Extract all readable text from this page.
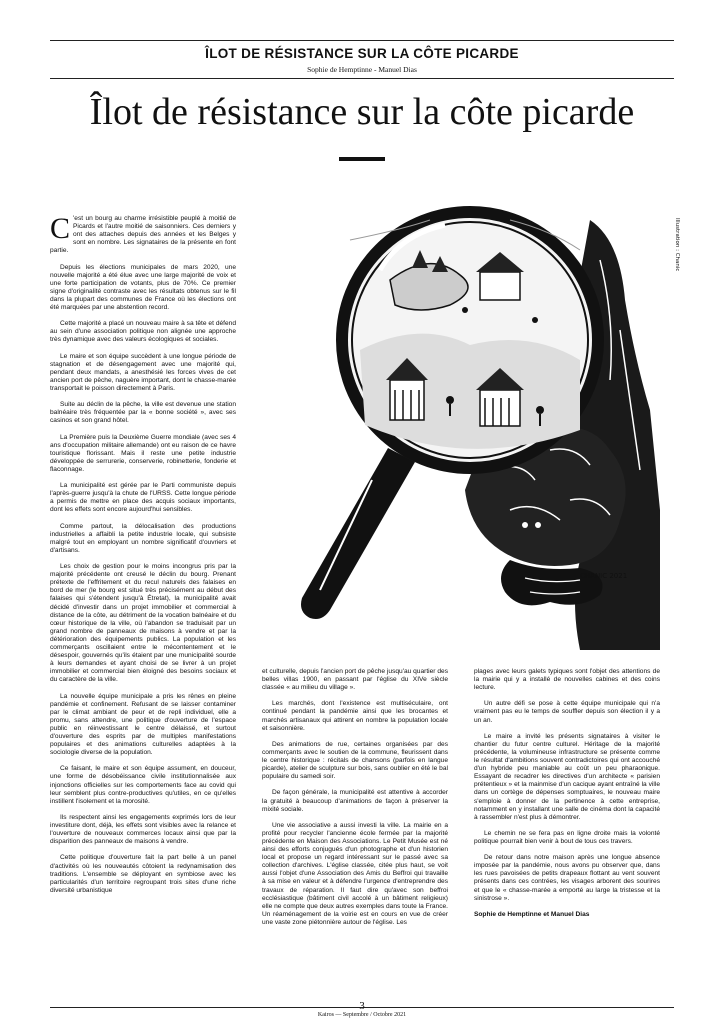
ÎLOT DE RÉSISTANCE SUR LA CÔTE PICARDE
Sophie de Hemptinne - Manuel Dias
Îlot de résistance sur la côte picarde
Illustration : Chanic
CHANIC 2021

C 'est un bourg au charme irrésistible peuplé à moitié de Picards et l'autre moitié de saisonniers. Ces derniers y ont des attaches depuis des années et les Belges y sont en nombre. Les signataires de la présente en font partie.

Depuis les élections municipales de mars 2020, une nouvelle majorité a été élue avec une large majorité de voix et une forte participation de votants, plus de 70%. Ce premier signe d'originalité contraste avec les résultats obtenus sur le fil dans la plupart des communes de France où les élections ont été marquées par une abstention record.

Cette majorité a placé un nouveau maire à sa tête et défend au sein d'une association politique non alignée une approche très dynamique avec des valeurs écologiques et sociales.

Le maire et son équipe succèdent à une longue période de stagnation et de désengagement avec une majorité qui, pendant deux mandats, a anesthésié les forces vives de cet ancien port de pêche, naguère important, dont le chasse-marée transportait le poisson directement à Paris.

Suite au déclin de la pêche, la ville est devenue une station balnéaire très fréquentée par la « bonne société », avec ses casinos et son grand hôtel.

La Première puis la Deuxième Guerre mondiale (avec ses 4 ans d'occupation militaire allemande) ont eu raison de ce havre touristique florissant. Mais il reste une petite industrie développée de serrurerie, conserverie, robinetterie, fonderie et flaconnage.

La municipalité est gérée par le Parti communiste depuis l'après-guerre jusqu'à la chute de l'URSS. Cette longue période a permis de mettre en place des acquis sociaux importants, dont les effets sont encore aujourd'hui sensibles.

Comme partout, la délocalisation des productions industrielles a affaibli la petite industrie locale, qui subsiste malgré tout en employant un nombre significatif d'ouvriers et d'artisans.

Les choix de gestion pour le moins incongrus pris par la majorité précédente ont creusé le déclin du bourg. Prenant prétexte de l'effritement et du recul naturels des falaises en bord de mer (le bourg est situé très précisément au début des falaises qui s'étendent jusqu'à Étretat), la municipalité avait décidé d'investir dans un projet immobilier et commercial à distance de la côte, au détriment de la vocation balnéaire et du cœur historique de la ville, où l'abandon se traduisait par un grand nombre de panneaux de maisons à vendre et par la détérioration des équipements publics. La population et les commerçants oscillaient entre le mécontentement et le désespoir, gouvernés qu'ils étaient par une municipalité sourde à leurs demandes et ayant choisi de se livrer à un projet immobilier et commercial bien éloigné des besoins sociaux et du caractère de la ville.

La nouvelle équipe municipale a pris les rênes en pleine pandémie et confinement. Refusant de se laisser contaminer par le climat ambiant de peur et de repli individuel, elle a promu, sans attendre, une politique d'ouverture de l'espace public en réinvestissant le centre délaissé, et surtout d'ouverture des esprits par de multiples manifestations populaires et des animations culturelles adaptées à la sociologie diverse de la population.

Ce faisant, le maire et son équipe assument, en douceur, une forme de désobéissance civile institutionnalisée aux injonctions officielles sur les comportements face au covid qui leur semblent plus contre-productives qu'utiles, en ce qu'elles instillent l'isolement et la morosité.

Ils respectent ainsi les engagements exprimés lors de leur investiture dont, déjà, les effets sont visibles avec la relance et l'ouverture de nouveaux commerces locaux ainsi que par la disparition des panneaux de maisons à vendre.

Cette politique d'ouverture fait la part belle à un panel d'activités où les nouveautés côtoient la redynamisation des traditions. L'ensemble se déployant en symbiose avec les particularités d'un territoire regroupant trois sites d'une riche diversité urbanistique

et culturelle, depuis l'ancien port de pêche jusqu'au quartier des belles villas 1900, en passant par l'église du XIVe siècle classée « au milieu du village ».

Les marchés, dont l'existence est multiséculaire, ont continué pendant la pandémie ainsi que les brocantes et marchés artisanaux qui attirent en nombre la population locale et saisonnière.

Des animations de rue, certaines organisées par des commerçants avec le soutien de la commune, fleurissent dans le centre historique : récitals de chansons (parfois en langue picarde), atelier de sculpture sur bois, sans oublier en été le bal populaire du samedi soir.

De façon générale, la municipalité est attentive à accorder la gratuité à beaucoup d'animations de façon à préserver la mixité sociale.

Une vie associative a aussi investi la ville. La mairie en a profité pour recycler l'ancienne école fermée par la majorité précédente en Maison des Associations. Le Petit Musée est né ainsi des efforts conjugués d'un photographe et d'un historien local et propose un regard intéressant sur le passé avec sa collection d'archives. L'église classée, citée plus haut, se voit aussi l'objet d'une Association des Amis du Beffroi qui travaille à sa mise en valeur et à défendre l'urgence d'entreprendre des travaux de réparation. Il faut dire qu'avec son beffroi ecclésiastique (bâtiment civil accolé à un bâtiment religieux) elle ne compte que deux autres exemples dans toute la France. Un réaménagement de la voirie est en cours en vue de créer une vaste zone piétonnière autour de l'église. Les

plages avec leurs galets typiques sont l'objet des attentions de la mairie qui y a installé de nouvelles cabines et des coins lecture.

Un autre défi se pose à cette équipe municipale qui n'a vraiment pas eu le temps de souffler depuis son élection il y a un an.

Le maire a invité les présents signataires à visiter le chantier du futur centre culturel. Héritage de la majorité précédente, la volumineuse infrastructure se présente comme le résultat d'ambitions souvent contradictoires qui ont accouché d'un hybride peu maniable au coût un peu pharaonique. Essayant de recadrer les directives d'un architecte « parisien prétentieux » et la mainmise d'un cacique ayant entraîné la ville dans un cortège de dépenses somptuaires, le nouveau maire s'emploie à donner de la pertinence à cette entreprise, notamment en y installant une salle de cinéma dont la capacité à rassembler n'est plus à démontrer.

Le chemin ne se fera pas en ligne droite mais la volonté politique pourrait bien venir à bout de tous ces travers.

De retour dans notre maison après une longue absence imposée par la pandémie, nous avons pu observer que, dans les rues pavoisées de petits drapeaux flottant au vent souvent présents dans ces contrées, les visages arborent des sourires et que le « chasse-marée a emporté au large la tristesse et la sinistrose ».

Sophie de Hemptinne et Manuel Dias

3
Kairos — Septembre / Octobre 2021
